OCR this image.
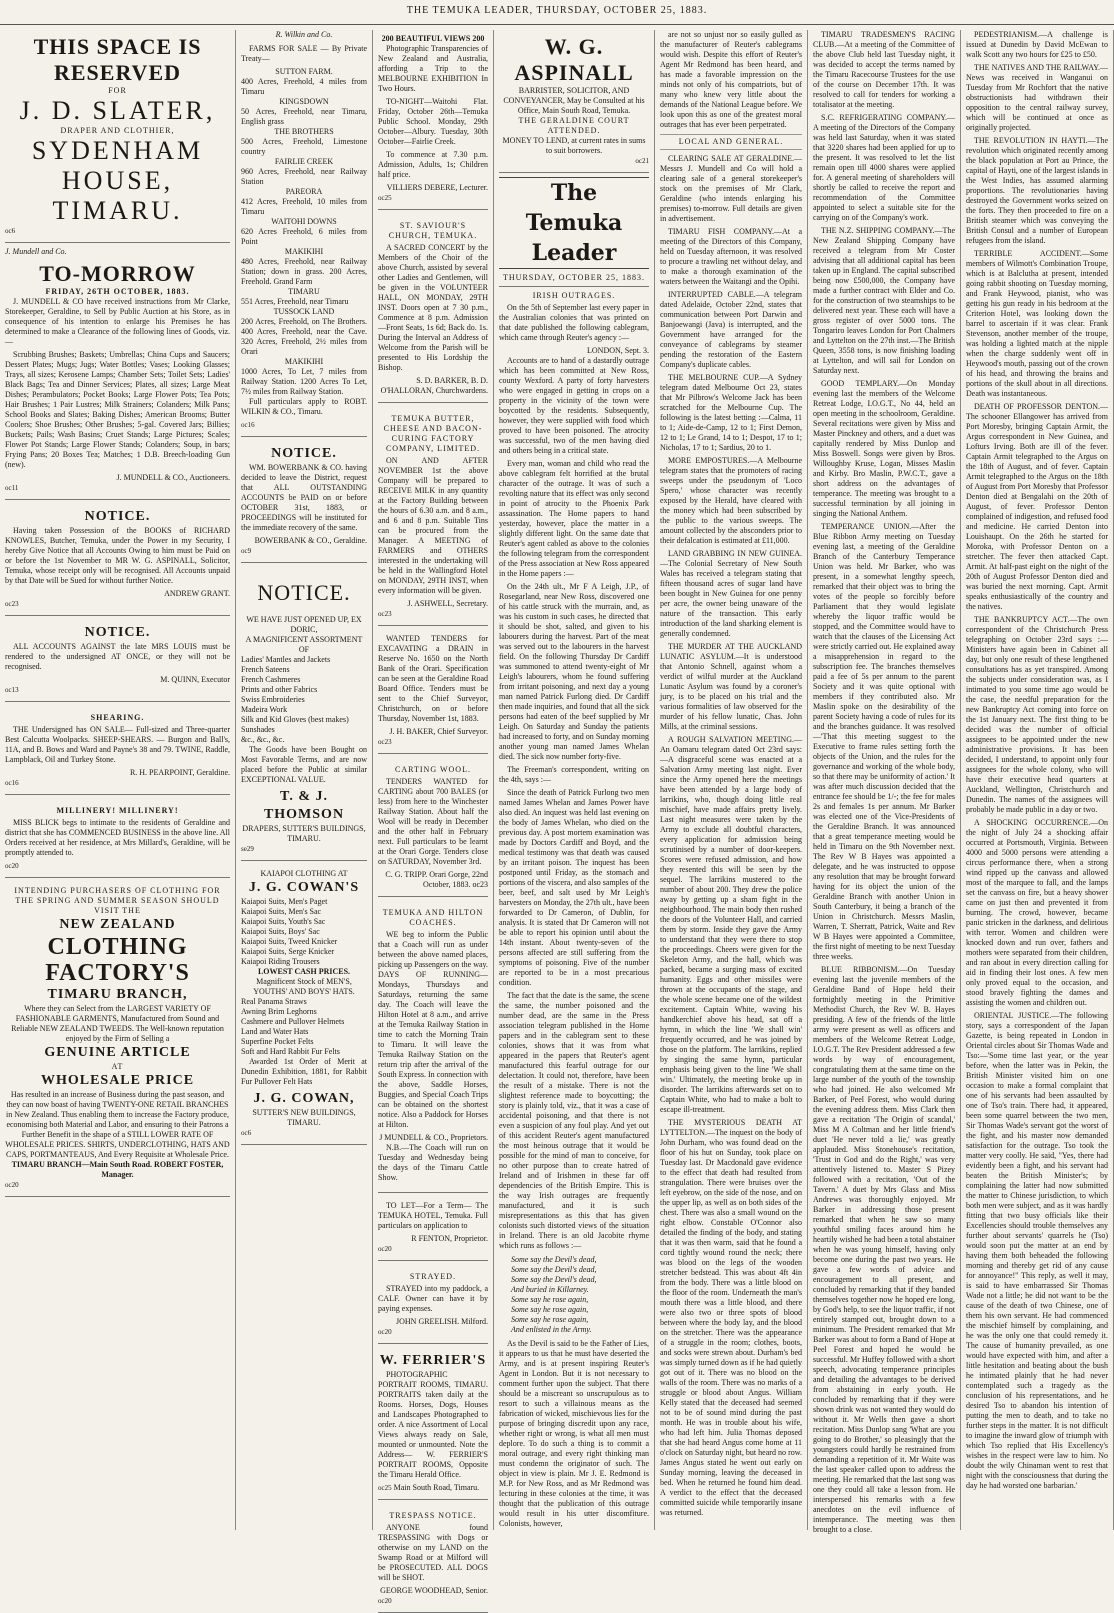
THE TEMUKA LEADER, THURSDAY, OCTOBER 25, 1883.
THIS SPACE IS RESERVED
FOR
J. D. SLATER,
DRAPER AND CLOTHIER,
SYDENHAM HOUSE,
TIMARU.
oc6
J. Mundell and Co.
TO-MORROW
FRIDAY, 26TH OCTOBER, 1883.

J. MUNDELL & CO have received instructions from Mr Clarke, Storekeeper, Geraldine, to Sell by Public Auction at his Store, as in consequence of his intention to enlarge his Premises he has determined to make a Clearance of the following lines of Goods, viz.—

Scrubbing Brushes; Baskets; Umbrellas; China Cups and Saucers; Dessert Plates; Mugs; Jugs; Water Bottles; Vases; Looking Glasses; Trays, all sizes; Kerosene Lamps; Chamber Sets; Toilet Sets; Ladies' Black Bags; Tea and Dinner Services; Plates, all sizes; Large Meat Dishes; Perambulators; Pocket Books; Large Flower Pots; Tea Pots; Hair Brushes; 1 Pair Lustres; Milk Strainers; Colanders; Milk Pans; School Books and Slates; Baking Dishes; American Brooms; Butter Coolers; Shoe Brushes; Other Brushes; 5-gal. Covered Jars; Billies; Buckets; Pails; Wash Basins; Cruet Stands; Large Pictures; Scales; Flower Pot Stands; Large Flower Stands; Colanders; Soup, in bars; Frying Pans; 20 Boxes Tea; Matches; 1 D.B. Breech-loading Gun (new).

J. MUNDELL & CO., Auctioneers.
oc11
NOTICE.

Having taken Possession of the BOOKS of RICHARD KNOWLES, Butcher, Temuka, under the Power in my Security, I hereby Give Notice that all Accounts Owing to him must be Paid on or before the 1st November to MR W. G. ASPINALL, Solicitor, Temuka, whose receipt only will be recognised. All Accounts unpaid by that Date will be Sued for without further Notice.

ANDREW GRANT.
oc23
NOTICE.

ALL ACCOUNTS AGAINST the late MRS LOUIS must be rendered to the undersigned AT ONCE, or they will not be recognised.

M. QUINN, Executor
oc13
SHEARING.

THE Undersigned has ON SALE— Full-sized and Three-quarter Best Calcutta Woolpacks. SHEEP-SHEARS. — Burgon and Ball's, 11A, and B. Bows and Ward and Payne's 38 and 79. TWINE, Raddle, Lampblack, Oil and Turkey Stone.

R. H. PEARPOINT, Geraldine.
oc16
MILLINERY! MILLINERY!

MISS BLICK begs to intimate to the residents of Geraldine and district that she has COMMENCED BUSINESS in the above line. All Orders received at her residence, at Mrs Millard's, Geraldine, will be promptly attended to.

oc20
INTENDING PURCHASERS OF CLOTHING FOR THE SPRING AND SUMMER SEASON SHOULD VISIT THE
NEW ZEALAND
CLOTHING
FACTORY'S
TIMARU BRANCH,
Where they can Select from the LARGEST VARIETY OF FASHIONABLE GARMENTS, Manufactured from Sound and Reliable NEW ZEALAND TWEEDS. The Well-known reputation enjoyed by the Firm of Selling a
GENUINE ARTICLE
AT
WHOLESALE PRICE
Has resulted in an increase of Business during the past season, and they can now boast of having TWENTY-ONE RETAIL BRANCHES in New Zealand. Thus enabling them to increase the Factory produce, economising both Material and Labor, and ensuring to their Patrons a Further Benefit in the shape of a STILL LOWER RATE OF WHOLESALE PRICES. SHIRTS, UNDERCLOTHING, HATS AND CAPS, PORTMANTEAUS, And Every Requisite at Wholesale Price.
TIMARU BRANCH—Main South Road. ROBERT FOSTER, Manager.
oc20
R. Wilkin and Co.

FARMS FOR SALE — By Private Treaty—

SUTTON FARM.
400 Acres, Freehold, 4 miles from Timaru
KINGSDOWN
50 Acres, Freehold, near Timaru, English grass
THE BROTHERS
500 Acres, Freehold, Limestone country
FAIRLIE CREEK
960 Acres, Freehold, near Railway Station
PAREORA
412 Acres, Freehold, 10 miles from Timaru
WAITOHI DOWNS
620 Acres Freehold, 6 miles from Point
MAKIKIHI
480 Acres, Freehold, near Railway Station; down in grass. 200 Acres, Freehold. Grand Farm
TIMARU
551 Acres, Freehold, near Timaru
TUSSOCK LAND
200 Acres, Freehold, on The Brothers. 400 Acres, Freehold, near the Cave. 320 Acres, Freehold, 2½ miles from Orari
MAKIKIHI
1000 Acres, To Let, 7 miles from Railway Station. 1200 Acres To Let, 7½ miles from Railway Station.

Full particulars apply to ROBT. WILKIN & CO., Timaru.

oc16
NOTICE.

WM. BOWERBANK & CO. having decided to leave the District, request that ALL OUTSTANDING ACCOUNTS be PAID on or before OCTOBER 31st, 1883, or PROCEEDINGS will be instituted for the immediate recovery of the same.

BOWERBANK & CO., Geraldine.
oc9
NOTICE.
WE HAVE JUST OPENED UP, EX DORIC,
A MAGNIFICENT ASSORTMENT OF
Ladies' Mantles and Jackets
French Sateens
French Cashmeres
Prints and other Fabrics
Swiss Embroideries
Madeira Work
Silk and Kid Gloves (best makes)
Sunshades
&c., &c., &c.

The Goods have been Bought on Most Favorable Terms, and are now placed before the Public at similar EXCEPTIONAL VALUE.

T. & J. THOMSON
DRAPERS, SUTTER'S BUILDINGS, TIMARU.
se29
KAIAPOI CLOTHING AT
J. G. COWAN'S
Kaiapoi Suits, Men's Paget
Kaiapoi Suits, Men's Sac
Kaiapoi Suits, Youth's Sac
Kaiapoi Suits, Boys' Sac
Kaiapoi Suits, Tweed Knicker
Kaiapoi Suits, Serge Knicker
Kaiapoi Riding Trousers
LOWEST CASH PRICES.
Magnificent Stock of MEN'S, YOUTHS' AND BOYS' HATS.
Real Panama Straws
Awning Brim Leghorns
Cashmere and Pullover Helmets
Land and Water Hats
Superfine Pocket Felts
Soft and Hard Rabbit Fur Felts

Awarded 1st Order of Merit at Dunedin Exhibition, 1881, for Rabbit Fur Pullover Felt Hats

J. G. COWAN,
SUTTER'S NEW BUILDINGS, TIMARU.
oc6
200 BEAUTIFUL VIEWS 200

Photographic Transparencies of New Zealand and Australia, affording a Trip to the MELBOURNE EXHIBITION In Two Hours.

TO-NIGHT—Waitohi Flat. Friday, October 26th—Temuka Public School. Monday, 29th October—Albury. Tuesday, 30th October—Fairlie Creek.

To commence at 7.30 p.m. Admission, Adults, 1s; Children half price.

VILLIERS DEBERE, Lecturer.
oc25
ST. SAVIOUR'S CHURCH, TEMUKA.

A SACRED CONCERT by the Members of the Choir of the above Church, assisted by several other Ladies and Gentlemen, will be given in the VOLUNTEER HALL, ON MONDAY, 29TH INST. Doors open at 7 30 p.m., Commence at 8 p.m. Admission—Front Seats, 1s 6d; Back do. 1s. During the Interval an Address of Welcome from the Parish will be presented to His Lordship the Bishop.

S. D. BARKER, B. D. O'HALLORAN, Churchwardens.
TEMUKA BUTTER, CHEESE AND BACON-CURING FACTORY COMPANY, LIMITED.

ON AND AFTER NOVEMBER 1st the above Company will be prepared to RECEIVE MILK in any quantity at the Factory Building between the hours of 6.30 a.m. and 8 a.m., and 6 and 8 p.m. Suitable Tins can be procured from the Manager. A MEETING of FARMERS and OTHERS interested in the undertaking will be held in the Wallingford Hotel on MONDAY, 29TH INST, when every information will be given.

J. ASHWELL, Secretary.
oc23

WANTED TENDERS for EXCAVATING a DRAIN in Reserve No. 1650 on the North Bank of the Orari. Specification can be seen at the Geraldine Road Board Office. Tenders must be sent to the Chief Surveyor, Christchurch, on or before Thursday, November 1st, 1883.

J. H. BAKER, Chief Surveyor.
oc23
CARTING WOOL.

TENDERS WANTED for CARTING about 700 BALES (or less) from here to the Winchester Railway Station. About half the Wool will be ready in December and the other half in February next. Full particulars to be learnt at the Orari Gorge. Tenders close on SATURDAY, November 3rd.

C. G. TRIPP. Orari Gorge, 22nd October, 1883. oc23
TEMUKA AND HILTON COACHES.

WE beg to inform the Public that a Coach will run as under between the above named places, picking up Passengers on the way. DAYS OF RUNNING— Mondays, Thursdays and Saturdays, returning the same day. The Coach will leave the Hilton Hotel at 8 a.m., and arrive at the Temuka Railway Station in time to catch the Morning Train to Timaru. It will leave the Temuka Railway Station on the return trip after the arrival of the South Express. In connection with the above, Saddle Horses, Buggies, and Special Coach Trips can be obtained on the shortest notice. Also a Paddock for Horses at Hilton.

J MUNDELL & CO., Proprietors.

N.B.—The Coach will run on Tuesday and Wednesday being the days of the Timaru Cattle Show.

TO LET—For a Term— The TEMUKA HOTEL, Temuka. Full particulars on application to

R FENTON, Proprietor.
oc20
STRAYED.

STRAYED into my paddock, a CALF. Owner can have it by paying expenses.

JOHN GREELISH. Milford.
oc20
W. FERRIER'S

PHOTOGRAPHIC PORTRAIT ROOMS, TIMARU. PORTRAITS taken daily at the Rooms. Horses, Dogs, Houses and Landscapes Photographed to order. A nice Assortment of Local Views always ready on Sale, mounted or unmounted. Note the Address— W. FERRIER'S PORTRAIT ROOMS, Opposite the Timaru Herald Office.

oc25 Main South Road, Timaru.
TRESPASS NOTICE.

ANYONE found TRESPASSING with Dogs or otherwise on my LAND on the Swamp Road or at Milford will be PROSECUTED. ALL DOGS will be SHOT.

GEORGE WOODHEAD, Senior.
oc20
W. G. ASPINALL
BARRISTER, SOLICITOR, AND CONVEYANCER, May be Consulted at his Office, Main South Road, Temuka.
THE GERALDINE COURT ATTENDED.
MONEY TO LEND, at current rates in sums to suit borrowers.
oc21
The Temuka Leader
THURSDAY, OCTOBER 25, 1883.
IRISH OUTRAGES.

On the 5th of September last every paper in the Australian colonies that was printed on that date published the following cablegram, which came through Reuter's agency :—

LONDON, Sept. 3.

Accounts are to hand of a dastardly outrage which has been committed at New Ross, county Wexford. A party of forty harvesters who were engaged in getting in crops on a property in the vicinity of the town were boycotted by the residents. Subsequently, however, they were supplied with food which proved to have been poisoned. The atrocity was successful, two of the men having died and others being in a critical state.

Every man, woman and child who read the above cablegram felt horrified at the brutal character of the outrage. It was of such a revolting nature that its effect was only second in point of atrocity to the Phoenix Park assassination. The Home papers to hand yesterday, however, place the matter in a slightly different light. On the same date that Reuter's agent cabled as above to the colonies the following telegram from the correspondent of the Press association at New Ross appeared in the Home papers :—

On the 24th ult., Mr F A Leigh, J.P., of Rosegarland, near New Ross, discovered one of his cattle struck with the murrain, and, as was his custom in such cases, he directed that it should be shot, salted, and given to his labourers during the harvest. Part of the meat was served out to the labourers in the harvest field. On the following Thursday Dr Cardiff was summoned to attend twenty-eight of Mr Leigh's labourers, whom he found suffering from irritant poisoning, and next day a young man named Patrick Furlong died. Dr Cardiff then made inquiries, and found that all the sick persons had eaten of the beef supplied by Mr Leigh. On Saturday and Sunday the patients had increased to forty, and on Sunday morning another young man named James Whelan died. The sick now number forty-five.

The Freeman's correspondent, writing on the 4th, says :—

Since the death of Patrick Furlong two men named James Whelan and James Power have also died. An inquest was held last evening on the body of James Whelan, who died on the previous day. A post mortem examination was made by Doctors Cardiff and Boyd, and the medical testimony was that death was caused by an irritant poison. The inquest has been postponed until Friday, as the stomach and portions of the viscera, and also samples of the beer, beef, and salt used by Mr Leigh's harvesters on Monday, the 27th ult., have been forwarded to Dr Cameron, of Dublin, for analysis. It is stated that Dr Cameron will not be able to report his opinion until about the 14th instant. About twenty-seven of the persons affected are still suffering from the symptoms of poisoning. Five of the number are reported to be in a most precarious condition.

The fact that the date is the same, the scene the same, the number poisoned and the number dead, are the same in the Press association telegram published in the Home papers and in the cablegram sent to these colonies, shows that it was from what appeared in the papers that Reuter's agent manufactured this fearful outrage for our delectation. It could not, therefore, have been the result of a mistake. There is not the slightest reference made to boycotting; the story is plainly told, viz., that it was a case of accidental poisoning, and that there is not even a suspicion of any foul play. And yet out of this accident Reuter's agent manufactured the most heinous outrage that it would be possible for the mind of man to conceive, for no other purpose than to create hatred of Ireland and of Irishmen in these far off dependencies of the British Empire. This is the way Irish outrages are frequently manufactured, and it is such misrepresentations as this that has given colonists such distorted views of the situation in Ireland. There is an old Jacobite rhyme which runs as follows :—

Some say the Devil's dead,
Some say the Devil's dead,
Some say the Devil's dead,
And buried in Killarney.
Some say he rose again,
Some say he rose again,
Some say he rose again,
And enlisted in the Army.

As the Devil is said to be the Father of Lies, it appears to us that he must have deserted the Army, and is at present inspiring Reuter's Agent in London. But it is not necessary to comment further upon the subject. That there should be a miscreant so unscrupulous as to resort to such a villainous means as the fabrication of wicked, mischievous lies for the purpose of bringing discredit upon any race, whether right or wrong, is what all men must deplore. To do such a thing is to commit a moral outrage, and every right thinking man must condemn the originator of such. The object in view is plain. Mr J. E. Redmond is M.P. for New Ross, and as Mr Redmond was lecturing in these colonies at the time, it was thought that the publication of this outrage would result in his utter discomfiture. Colonists, however,

are not so unjust nor so easily gulled as the manufacturer of Reuter's cablegrams would wish. Despite this effort of Reuter's Agent Mr Redmond has been heard, and has made a favorable impression on the minds not only of his compatriots, but of many who knew very little about the demands of the National League before. We look upon this as one of the greatest moral outrages that has ever been perpetrated.

LOCAL AND GENERAL.

CLEARING SALE AT GERALDINE.—Messrs J. Mundell and Co will hold a clearing sale of a general storekeeper's stock on the premises of Mr Clark, Geraldine (who intends enlarging his premises) to-morrow. Full details are given in advertisement.

TIMARU FISH COMPANY.—At a meeting of the Directors of this Company, held on Tuesday afternoon, it was resolved to procure a trawling net without delay, and to make a thorough examination of the waters between the Waitangi and the Opihi.

INTERRUPTED CABLE.—A telegram dated Adelaide, October 22nd, states that communication between Port Darwin and Banjoewangi (Java) is interrupted, and the Government have arranged for the conveyance of cablegrams by steamer pending the restoration of the Eastern Company's duplicate cables.

THE MELBOURNE CUP.—A Sydney telegram dated Melbourne Oct 23, states that Mr Pilbrow's Welcome Jack has been scratched for the Melbourne Cup. The following is the latest betting :—Calma, 11 to 1; Aide-de-Camp, 12 to 1; First Demon, 12 to 1; Le Grand, 14 to 1; Despot, 17 to 1; Nicholas, 17 to 1; Sardius, 20 to 1.

MORE EMPOSTURES.—A Melbourne telegram states that the promoters of racing sweeps under the pseudonym of 'Loco Spero,' whose character was recently exposed by the Herald, have cleared with the money which had been subscribed by the public to the various sweeps. The amount collected by the absconders prior to their defalcation is estimated at £11,000.

LAND GRABBING IN NEW GUINEA.—The Colonial Secretary of New South Wales has received a telegram stating that fifteen thousand acres of sugar land have been bought in New Guinea for one penny per acre, the owner being unaware of the nature of the transaction. This early introduction of the land sharking element is generally condemned.

THE MURDER AT THE AUCKLAND LUNATIC ASYLUM.—It is understood that Antonio Schnell, against whom a verdict of wilful murder at the Auckland Lunatic Asylum was found by a coroner's jury, is to be placed on his trial and the various formalities of law observed for the murder of his fellow lunatic, Chas. John Mills, at the criminal sessions.

A ROUGH SALVATION MEETING.—An Oamaru telegram dated Oct 23rd says:—A disgraceful scene was enacted at a Salvation Army meeting last night. Ever since the Army opened here the meetings have been attended by a large body of larrikins, who, though doing little real mischief, have made affairs pretty lively. Last night measures were taken by the Army to exclude all doubtful characters, every application for admission being scrutinised by a number of door-keepers. Scores were refused admission, and how they resented this will be seen by the sequel. The larrikins mustered to the number of about 200. They drew the police away by getting up a sham fight in the neighbourhood. The main body then rushed the doors of the Volunteer Hall, and carried them by storm. Inside they gave the Army to understand that they were there to stop the proceedings. Cheers were given for the Skeleton Army, and the hall, which was packed, became a surging mass of excited humanity. Eggs and other missiles were thrown at the occupants of the stage, and the whole scene became one of the wildest excitement. Captain White, waving his handkerchief above his head, sat off a hymn, in which the line 'We shall win' frequently occurred, and he was joined by those on the platform. The larrikins, replied by singing the same hymn, particular emphasis being given to the line 'We shall win.' Ultimately, the meeting broke up in disorder. The larrikins afterwards set on to Captain White, who had to make a bolt to escape ill-treatment.

THE MYSTERIOUS DEATH AT LYTTELTON.—The inquest on the body of John Durham, who was found dead on the floor of his hut on Sunday, took place on Tuesday last. Dr Macdonald gave evidence to the effect that death had resulted from strangulation. There were bruises over the left eyebrow, on the side of the nose, and on the upper lip, as well as on both sides of the chest. There was also a small wound on the right elbow. Constable O'Connor also detailed the finding of the body, and stating that it was then warm, said that he found a cord tightly wound round the neck; there was blood on the legs of the wooden stretcher bedstead. This was about 4ft 4in from the body. There was a little blood on the floor of the room. Underneath the man's mouth there was a little blood, and there were also two or three spots of blood between where the body lay, and the blood on the stretcher. There was the appearance of a struggle in the room; clothes, boots, and socks were strewn about. Durham's bed was simply turned down as if he had quietly got out of it. There was no blood on the walls of the room. There was no marks of a struggle or blood about Angus. William Kelly stated that the deceased had seemed not to be of sound mind during the past month. He was in trouble about his wife, who had left him. Julia Thomas deposed that she had heard Angus come home at 11 o'clock on Saturday night, but heard no row. James Angus stated he went out early on Sunday morning, leaving the deceased in bed. When he returned he found him dead. A verdict to the effect that the deceased committed suicide while temporarily insane was returned.

TIMARU TRADESMEN'S RACING CLUB.—At a meeting of the Committee of the above Club held last Tuesday night, it was decided to accept the terms named by the Timaru Racecourse Trustees for the use of the course on December 17th. It was resolved to call for tenders for working a totalisator at the meeting.

S.C. REFRIGERATING COMPANY.—A meeting of the Directors of the Company was held last Saturday, when it was stated that 3220 shares had been applied for up to the present. It was resolved to let the list remain open till 4000 shares were applied for. A general meeting of shareholders will shortly be called to receive the report and recommendation of the Committee appointed to select a suitable site for the carrying on of the Company's work.

THE N.Z. SHIPPING COMPANY.—The New Zealand Shipping Company have received a telegram from Mr Coster advising that all additional capital has been taken up in England. The capital subscribed being now £500,000, the Company have made a further contract with Elder and Co. for the construction of two steamships to be delivered next year. These each will have a gross register of over 5000 tons. The Tongariro leaves London for Port Chalmers and Lyttelton on the 27th inst.—The British Queen, 3558 tons, is now finishing loading at Lyttelton, and will sail for London on Saturday next.

GOOD TEMPLARY.—On Monday evening last the members of the Welcome Retreat Lodge, I.O.G.T., No 44, held an open meeting in the schoolroom, Geraldine. Several recitations were given by Miss and Master Pinckney and others, and a duet was capitally rendered by Miss Dunlop and Miss Boswell. Songs were given by Bros. Willoughby Kruse, Logan, Misses Maslin and Kirby. Bro Maslin, P.W.C.T., gave a short address on the advantages of temperance. The meeting was brought to a successful termination by all joining in singing the National Anthem.

TEMPERANCE UNION.—After the Blue Ribbon Army meeting on Tuesday evening last, a meeting of the Geraldine Branch of the Canterbury Temperance Union was held. Mr Barker, who was present, in a somewhat lengthy speech, remarked that their object was to bring the votes of the people so forcibly before Parliament that they would legislate whereby the liquor traffic would be stopped, and the Committee would have to watch that the clauses of the Licensing Act were strictly carried out. He explained away a misapprehension in regard to the subscription fee. The branches themselves paid a fee of 5s per annum to the parent Society and it was quite optional with members if they contributed also. Mr Maslin spoke on the desirability of the parent Society having a code of rules for its and the branches guidance. It was resolved—'That this meeting suggest to the Executive to frame rules setting forth the objects of the Union, and the rules for the governance and working of the whole body, so that there may be uniformity of action.' It was after much discussion decided that the entrance fee should be 1/-; the fee for males 2s and females 1s per annum. Mr Barker was elected one of the Vice-Presidents of the Geraldine Branch. It was announced that a great temperance meeting would be held in Timaru on the 9th November next. The Rev W B Hayes was appointed a delegate, and he was instructed to oppose any resolution that may be brought forward having for its object the union of the Geraldine Branch with another Union in South Canterbury, it being a branch of the Union in Christchurch. Messrs Maslin, Warren, T. Sherratt, Patrick, Waite and Rev W B Hayes were appointed a Committee, the first night of meeting to be next Tuesday three weeks.

BLUE RIBBONISM.—On Tuesday evening last the juvenile members of the Geraldine Band of Hope held their fortnightly meeting in the Primitive Methodist Church, the Rev W. B. Hayes presiding. A few of the friends of the little army were present as well as officers and members of the Welcome Retreat Lodge, I.O.G.T. The Rev President addressed a few words by way of encouragement, congratulating them at the same time on the large number of the youth of the township who had joined. He also welcomed Mr Barker, of Peel Forest, who would during the evening address them. Miss Clark then gave a recitation 'The Origin of scandal,' Miss M A Coltman and her little friend's duet 'He never told a lie,' was greatly applauded. Miss Stonehouse's recitation, 'Trust in God and do the Right,' was very attentively listened to. Master S Pizey followed with a recitation, 'Out of the Tavern.' A duet by Mrs Glass and Miss Andrews was thoroughly enjoyed. Mr Barker in addressing those present remarked that when he saw so many youthful smiling faces around him he heartily wished he had been a total abstainer when he was young himself, having only become one during the past two years. He gave a few words of advice and encouragement to all present, and concluded by remarking that if they banded themselves together now he hoped ere long, by God's help, to see the liquor traffic, if not entirely stamped out, brought down to a minimum. The President remarked that Mr Barker was about to form a Band of Hope at Peel Forest and hoped he would be successful. Mr Huffey followed with a short speech, advocating temperance principles and detailing the advantages to be derived from abstaining in early youth. He concluded by remarking that if they were shown drink was not wanted they would do without it. Mr Wells then gave a short recitation. Miss Dunlop sang 'What are you going to do Brother,' so pleasingly that the youngsters could hardly be restrained from demanding a repetition of it. Mr Waite was the last speaker called upon to address the meeting. He remarked that the last song was one they could all take a lesson from. He interspersed his remarks with a few anecdotes on the evil influence of intemperance. The meeting was then brought to a close.

PEDESTRIANISM.—A challenge is issued at Dunedin by David McEwan to walk Scott any two hours for £25 to £50.

THE NATIVES AND THE RAILWAY.—News was received in Wanganui on Tuesday from Mr Rochfort that the native obstructionists had withdrawn their opposition to the central railway survey, which will be continued at once as originally projected.

THE REVOLUTION IN HAYTI.—The revolution which originated recently among the black population at Port au Prince, the capital of Hayti, one of the largest islands in the West Indies, has assumed alarming proportions. The revolutionaries having destroyed the Government works seized on the forts. They then proceeded to fire on a British steamer which was conveying the British Consul and a number of European refugees from the island.

TERRIBLE ACCIDENT.—Some members of Wilmott's Combination Troupe, which is at Balclutha at present, intended going rabbit shooting on Tuesday morning, and Frank Heywood, pianist, who was getting his gun ready in his bedroom at the Criterion Hotel, was looking down the barrel to ascertain if it was clear. Frank Stevenson, another member of the troupe, was holding a lighted match at the nipple when the charge suddenly went off in Heywood's mouth, passing out of the crown of his head, and throwing the brains and portions of the skull about in all directions. Death was instantaneous.

DEATH OF PROFESSOR DENTON.—The schooner Ellangower has arrived from Port Moresby, bringing Captain Armit, the Argus correspondent in New Guinea, and Lofturs Irving. Both are ill of the fever. Captain Armit telegraphed to the Argus on the 18th of August, and of fever. Captain Armit telegraphed to the Argus on the 18th of August from Port Moresby that Professor Denton died at Bengalahi on the 20th of August, of fever. Professor Denton complained of indigestion, and refused food and medicine. He carried Denton into Louishaupt. On the 26th he started for Moroka, with Professor Denton on a stretcher. The fever then attacked Capt. Armit. At half-past eight on the night of the 20th of August Professor Denton died and was buried the next morning. Capt. Armit speaks enthusiastically of the country and the natives.

THE BANKRUPTCY ACT.—The own correspondent of the Christchurch Press telegraphing on October 23rd says :—Ministers have again been in Cabinet all day, but only one result of these lengthened consultations has as yet transpired. Among the subjects under consideration was, as I intimated to you some time ago would be the case, the needful preparation for the new Bankruptcy Act coming into force on the 1st January next. The first thing to be decided was the number of official assignees to be appointed under the new administrative provisions. It has been decided, I understand, to appoint only four assignees for the whole colony, who will have their executive head quarters at Auckland, Wellington, Christchurch and Dunedin. The names of the assignees will probably be made public in a day or two.

A SHOCKING OCCURRENCE.—On the night of July 24 a shocking affair occurred at Portsmouth, Virginia. Between 4000 and 5000 persons were attending a circus performance there, when a strong wind ripped up the canvass and allowed most of the marquee to fall, and the lamps set the canvass on fire, but a heavy shower came on just then and prevented it from burning. The crowd, however, became panic stricken in the darkness, and delirious with terror. Women and children were knocked down and run over, fathers and mothers were separated from their children, and ran about in every direction calling for aid in finding their lost ones. A few men only proved equal to the occasion, and stood bravely fighting the dames and assisting the women and children out.

ORIENTAL JUSTICE.—The following story, says a correspondent of the Japan Gazette, is being repeated in London in Oriental circles about Sir Thomas Wade and Tso:—'Some time last year, or the year before, when the latter was in Pekin, the British Minister visited him on one occasion to make a formal complaint that one of his servants had been assaulted by one of Tso's train. There had, it appeared, been some quarrel between the two men, Sir Thomas Wade's servant got the worst of the fight, and his master now demanded satisfaction for the outrage. Tso took the matter very coolly. He said, "Yes, there had evidently been a fight, and his servant had beaten the British Minister's; by complaining the latter had now submitted the matter to Chinese jurisdiction, to which both men were subject, and as it was hardly fitting that two busy officials like their Excellencies should trouble themselves any further about servants' quarrels he (Tso) would soon put the matter at an end by having them both beheaded the following morning and thereby get rid of any cause for annoyance!" This reply, as well it may, is said to have embarrassed Sir Thomas Wade not a little; he did not want to be the cause of the death of two Chinese, one of them his own servant. He had commenced the mischief himself by complaining, and he was the only one that could remedy it. The cause of humanity prevailed, as one would have expected with him, and after a little hesitation and beating about the bush he intimated plainly that he had never contemplated such a tragedy as the conclusion of his representations, and he desired Tso to abandon his intention of putting the men to death, and to take no further steps in the matter. It is not difficult to imagine the inward glow of triumph with which Tso replied that His Excellency's wishes in the respect were law to him. No doubt the wily Chinaman went to rest that night with the consciousness that during the day he had worsted one barbarian.'
